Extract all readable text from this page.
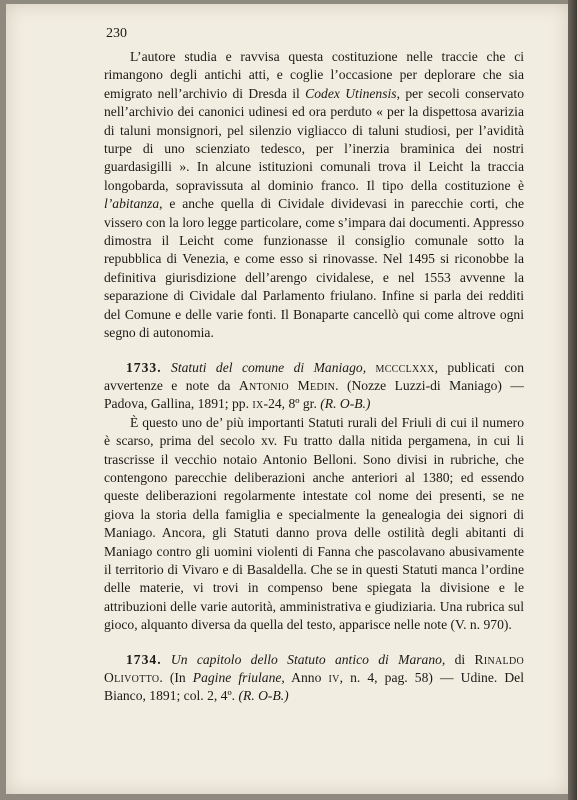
230

L’autore studia e ravvisa questa costituzione nelle traccie che ci rimangono degli antichi atti, e coglie l’occasione per deplorare che sia emigrato nell’archivio di Dresda il Codex Utinensis, per secoli conservato nell’archivio dei canonici udinesi ed ora perduto « per la dispettosa avarizia di taluni monsignori, pel silenzio vigliacco di taluni studiosi, per l’avidità turpe di uno scienziato tedesco, per l’inerzia braminica dei nostri guardasigilli ». In alcune istituzioni comunali trova il Leicht la traccia longobarda, sopravissuta al dominio franco. Il tipo della costituzione è l’abitanza, e anche quella di Cividale dividevasi in parecchie corti, che vissero con la loro legge particolare, come s’impara dai documenti. Appresso dimostra il Leicht come funzionasse il consiglio comunale sotto la repubblica di Venezia, e come esso si rinovasse. Nel 1495 si riconobbe la definitiva giurisdizione dell’arengo cividalese, e nel 1553 avvenne la separazione di Cividale dal Parlamento friulano. Infine si parla dei redditi del Comune e delle varie fonti. Il Bonaparte cancellò qui come altrove ogni segno di autonomia.

1733. Statuti del comune di Maniago, mccclxxx, publicati con avvertenze e note da Antonio Medin. (Nozze Luzzi-di Maniago) — Padova, Gallina, 1891; pp. ix-24, 8º gr. (R. O-B.)

È questo uno de’ più importanti Statuti rurali del Friuli di cui il numero è scarso, prima del secolo xv. Fu tratto dalla nitida pergamena, in cui li trascrisse il vecchio notaio Antonio Belloni. Sono divisi in rubriche, che contengono parecchie deliberazioni anche anteriori al 1380; ed essendo queste deliberazioni regolarmente intestate col nome dei presenti, se ne giova la storia della famiglia e specialmente la genealogia dei signori di Maniago. Ancora, gli Statuti danno prova delle ostilità degli abitanti di Maniago contro gli uomini violenti di Fanna che pascolavano abusivamente il territorio di Vivaro e di Basaldella. Che se in questi Statuti manca l’ordine delle materie, vi trovi in compenso bene spiegata la divisione e le attribuzioni delle varie autorità, amministrativa e giudiziaria. Una rubrica sul gioco, alquanto diversa da quella del testo, apparisce nelle note (V. n. 970).

1734. Un capitolo dello Statuto antico di Marano, di Rinaldo Olivotto. (In Pagine friulane, Anno iv, n. 4, pag. 58) — Udine. Del Bianco, 1891; col. 2, 4º. (R. O-B.)
